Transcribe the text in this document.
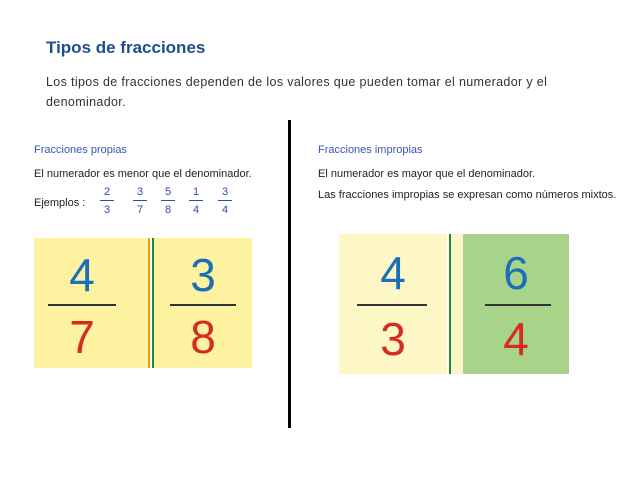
Tipos de fracciones
Los tipos de fracciones dependen de los valores que pueden tomar el numerador y el denominador.
Fracciones propias
El numerador es menor que el denominador.
Ejemplos :
2
3
3
7
5
8
1
4
3
4
4
7
3
8
Fracciones impropias
El numerador es mayor que el denominador.
Las fracciones impropias se expresan como números mixtos.
4
3
6
4
